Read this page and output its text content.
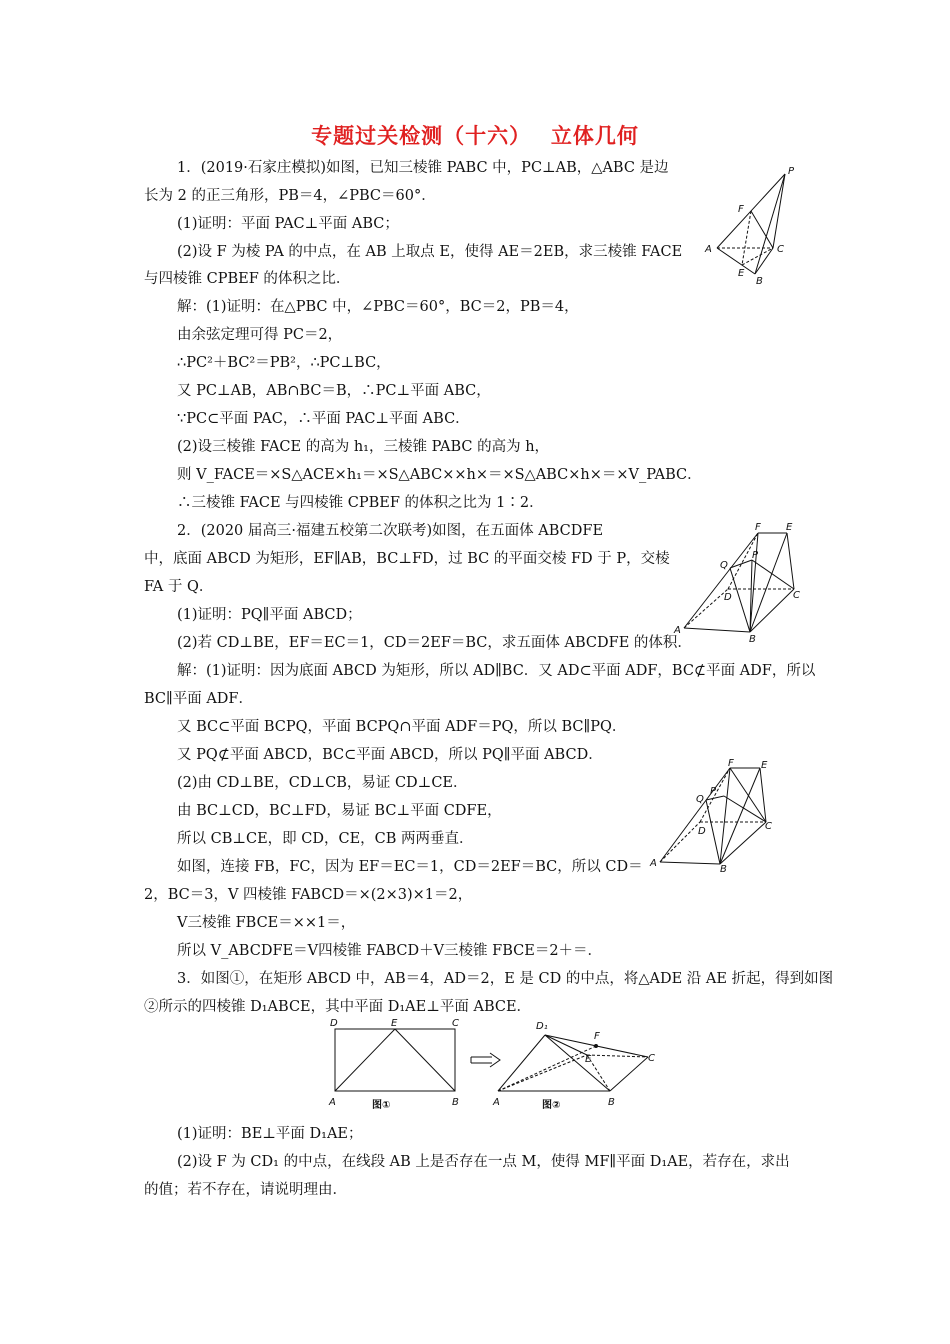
专题过关检测（十六）　 立体几何
1．(2019·石家庄模拟)如图，已知三棱锥 PABC 中，PC⊥AB，△ABC 是边
长为 2 的正三角形，PB＝4，∠PBC＝60°．
(1)证明：平面 PAC⊥平面 ABC；
(2)设 F 为棱 PA 的中点，在 AB 上取点 E，使得 AE＝2EB，求三棱锥 FACE
与四棱锥 CPBEF 的体积之比．
解：(1)证明：在△PBC 中，∠PBC＝60°，BC＝2，PB＝4，
由余弦定理可得 PC＝2，
∴PC²＋BC²＝PB²，∴PC⊥BC，
又 PC⊥AB，AB∩BC＝B，∴PC⊥平面 ABC，
∵PC⊂平面 PAC，∴平面 PAC⊥平面 ABC．
(2)设三棱锥 FACE 的高为 h₁，三棱锥 PABC 的高为 h，
则 V_FACE＝×S△ACE×h₁＝×S△ABC××h×＝×S△ABC×h×＝×V_PABC．
∴三棱锥 FACE 与四棱锥 CPBEF 的体积之比为 1∶2．
2．(2020 届高三·福建五校第二次联考)如图，在五面体 ABCDFE
中，底面 ABCD 为矩形，EF∥AB，BC⊥FD，过 BC 的平面交棱 FD 于 P，交棱
FA 于 Q．
(1)证明：PQ∥平面 ABCD；
(2)若 CD⊥BE，EF＝EC＝1，CD＝2EF＝BC，求五面体 ABCDFE 的体积．
解：(1)证明：因为底面 ABCD 为矩形，所以 AD∥BC．又 AD⊂平面 ADF，BC⊄平面 ADF，所以
BC∥平面 ADF．
又 BC⊂平面 BCPQ，平面 BCPQ∩平面 ADF＝PQ，所以 BC∥PQ．
又 PQ⊄平面 ABCD，BC⊂平面 ABCD，所以 PQ∥平面 ABCD．
(2)由 CD⊥BE，CD⊥CB，易证 CD⊥CE．
由 BC⊥CD，BC⊥FD，易证 BC⊥平面 CDFE，
所以 CB⊥CE，即 CD，CE，CB 两两垂直．
如图，连接 FB，FC，因为 EF＝EC＝1，CD＝2EF＝BC，所以 CD＝
2，BC＝3，V 四棱锥 FABCD＝×(2×3)×1＝2，
V三棱锥 FBCE＝××1＝，
所以 V_ABCDFE＝V四棱锥 FABCD＋V三棱锥 FBCE＝2＋＝．
3．如图①，在矩形 ABCD 中，AB＝4，AD＝2，E 是 CD 的中点，将△ADE 沿 AE 折起，得到如图
②所示的四棱锥 D₁ABCE，其中平面 D₁AE⊥平面 ABCE．
(1)证明：BE⊥平面 D₁AE；
(2)设 F 为 CD₁ 的中点，在线段 AB 上是否存在一点 M，使得 MF∥平面 D₁AE，若存在，求出
的值；若不存在，请说明理由．
P
F
A	C
E
B
F	E
P
Q
D	C
A
B
F	E
Q
P
D	C
A
B
D	E	C
A	B
图①
D₁
F
E	C
A	B
图②
